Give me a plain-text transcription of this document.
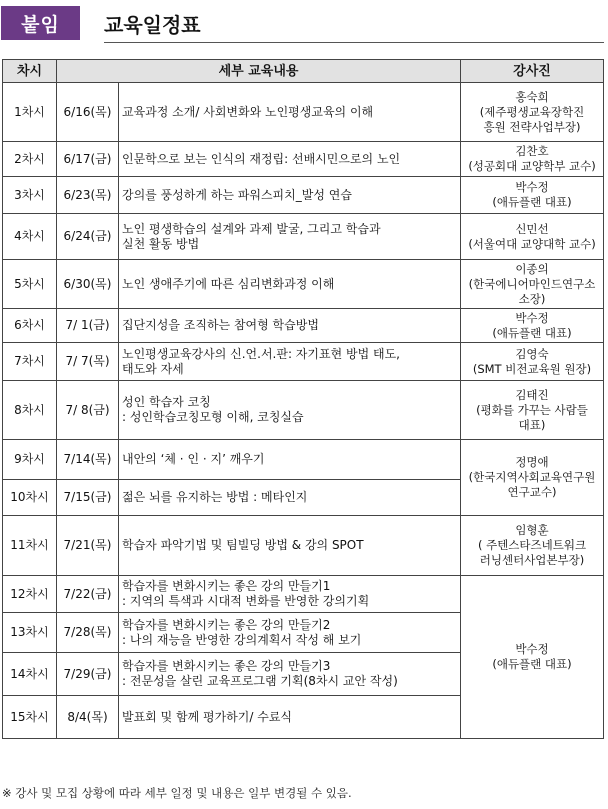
붙임	교육일정표
차시	세부 교육내용		강사진
1차시	6/16(목)	교육과정 소개/ 사회변화와 노인평생교육의 이해	홍숙희
(제주평생교육장학진
흥원 전략사업부장)

2차시	6/17(금)	인문학으로 보는 인식의 재정립: 선배시민으로의 노인	김찬호
(성공회대 교양학부 교수)

3차시	6/23(목)	강의를 풍성하게 하는 파워스피치_발성 연습	박수정
(애듀플랜 대표)

4차시	6/24(금)	노인 평생학습의 설계와 과제 발굴, 그리고 학습과
실천 활동 방법	신민선
(서울여대 교양대학 교수)

5차시	6/30(목)	노인 생애주기에 따른 심리변화과정 이해	이종의
(한국에니어마인드연구소
소장)

6차시	7/ 1(금)	집단지성을 조직하는 참여형 학습방법	박수정
(애듀플랜 대표)

7차시	7/ 7(목)	노인평생교육강사의 신.언.서.판: 자기표현 방법 태도,
태도와 자세	김영숙
(SMT 비전교육원 원장)

8차시	7/ 8(금)	성인 학습자 코칭
: 성인학습코칭모형 이해, 코칭실습	김태진
(평화를 가꾸는 사람들
대표)

9차시	7/14(목)	내안의 ‘체 · 인 · 지’ 깨우기	정명애
(한국지역사회교육연구원
연구교수)

10차시	7/15(금)	젊은 뇌를 유지하는 방법 : 메타인지	

11차시	7/21(목)	학습자 파악기법 및 팀빌딩 방법 & 강의 SPOT	임형훈
( 주텐스타즈네트워크
러닝센터사업본부장)

12차시	7/22(금)	학습자를 변화시키는 좋은 강의 만들기1
: 지역의 특색과 시대적 변화를 반영한 강의기획	박수정
(애듀플랜 대표)

13차시	7/28(목)	학습자를 변화시키는 좋은 강의 만들기2
: 나의 재능을 반영한 강의계획서 작성 해 보기	

14차시	7/29(금)	학습자를 변화시키는 좋은 강의 만들기3
: 전문성을 살린 교육프로그램 기획(8차시 교안 작성)	

15차시	8/4(목)	발표회 및 함께 평가하기/ 수료식	
※ 강사 및 모집 상황에 따라 세부 일정 및 내용은 일부 변경될 수 있음.
